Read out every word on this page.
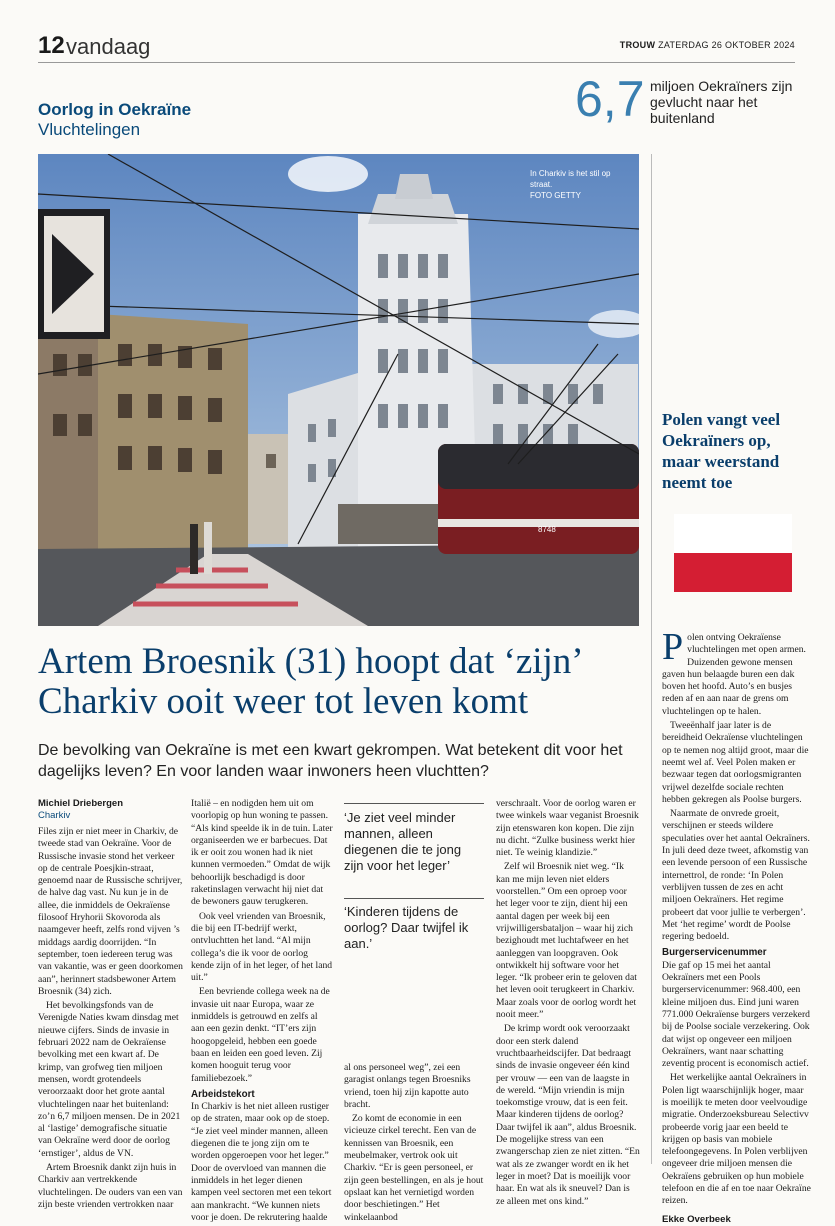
12 vandaag	TROUW ZATERDAG 26 OKTOBER 2024
Oorlog in Oekraïne
Vluchtelingen
6,7 miljoen Oekraïners zijn gevlucht naar het buitenland
8748
In Charkiv is het stil op straat.
FOTO GETTY
Artem Broesnik (31) hoopt dat ‘zijn’ Charkiv ooit weer tot leven komt
De bevolking van Oekraïne is met een kwart gekrompen. Wat betekent dit voor het dagelijks leven? En voor landen waar inwoners heen vluchtten?
Michiel Driebergen
Charkiv

Files zijn er niet meer in Charkiv, de tweede stad van Oekraïne. Voor de Russische invasie stond het verkeer op de centrale Poesjkin-straat, genoemd naar de Russische schrijver, de halve dag vast. Nu kun je in de allee, die inmiddels de Oekraïense filosoof Hryhorii Skovoroda als naamgever heeft, zelfs rond vijven ’s middags aardig doorrijden. “In september, toen iedereen terug was van vakantie, was er geen doorkomen aan”, herinnert stadsbewoner Artem Broesnik (34) zich.

Het bevolkingsfonds van de Verenigde Naties kwam dinsdag met nieuwe cijfers. Sinds de invasie in februari 2022 nam de Oekraïense bevolking met een kwart af. De krimp, van grofweg tien miljoen mensen, wordt grotendeels veroorzaakt door het grote aantal vluchtelingen naar het buitenland: zo’n 6,7 miljoen mensen. De in 2021 al ‘lastige’ demografische situatie van Oekraïne werd door de oorlog ‘ernstiger’, aldus de VN.

Artem Broesnik dankt zijn huis in Charkiv aan vertrekkende vluchtelingen. De ouders van een van zijn beste vrienden vertrokken naar

Italië – en nodigden hem uit om voorlopig op hun woning te passen. “Als kind speelde ik in de tuin. Later organiseerden we er barbecues. Dat ik er ooit zou wonen had ik niet kunnen vermoeden.” Omdat de wijk behoorlijk beschadigd is door raketinslagen verwacht hij niet dat de bewoners gauw terugkeren.

Ook veel vrienden van Broesnik, die bij een IT-bedrijf werkt, ontvluchtten het land. “Al mijn collega’s die ik voor de oorlog kende zijn of in het leger, of het land uit.”

Een bevriende collega week na de invasie uit naar Europa, waar ze inmiddels is getrouwd en zelfs al aan een gezin denkt. “IT’ers zijn hoogopgeleid, hebben een goede baan en leiden een goed leven. Zij komen hooguit terug voor familiebezoek.”

Arbeidstekort

In Charkiv is het niet alleen rustiger op de straten, maar ook op de stoep. “Je ziet veel minder mannen, alleen diegenen die te jong zijn om te worden opgeroepen voor het leger.” Door de overvloed van mannen die inmiddels in het leger dienen kampen veel sectoren met een tekort aan mankracht. “We kunnen niets voor je doen. De rekrutering haalde

‘Je ziet veel minder mannen, alleen diegenen die te jong zijn voor het leger’
‘Kinderen tijdens de oorlog? Daar twijfel ik aan.’

al ons personeel weg”, zei een garagist onlangs tegen Broesniks vriend, toen hij zijn kapotte auto bracht.

Zo komt de economie in een vicieuze cirkel terecht. Een van de kennissen van Broesnik, een meubelmaker, vertrok ook uit Charkiv. “Er is geen personeel, er zijn geen bestellingen, en als je hout opslaat kan het vernietigd worden door beschietingen.” Het winkelaanbod

verschraalt. Voor de oorlog waren er twee winkels waar veganist Broesnik zijn etenswaren kon kopen. Die zijn nu dicht. “Zulke business werkt hier niet. Te weinig klandizie.”

Zelf wil Broesnik niet weg. “Ik kan me mijn leven niet elders voorstellen.” Om een oproep voor het leger voor te zijn, dient hij een aantal dagen per week bij een vrijwilligersbataljon – waar hij zich bezighoudt met luchtafweer en het aanleggen van loopgraven. Ook ontwikkelt hij software voor het leger. “Ik probeer erin te geloven dat het leven ooit terugkeert in Charkiv. Maar zoals voor de oorlog wordt het nooit meer.”

De krimp wordt ook veroorzaakt door een sterk dalend vruchtbaarheidscijfer. Dat bedraagt sinds de invasie ongeveer één kind per vrouw — een van de laagste in de wereld. “Mijn vriendin is mijn toekomstige vrouw, dat is een feit. Maar kinderen tijdens de oorlog? Daar twijfel ik aan”, aldus Broesnik. De mogelijke stress van een zwangerschap zien ze niet zitten. “En wat als ze zwanger wordt en ik het leger in moet? Dat is moeilijk voor haar. En wat als ik sneuvel? Dan is ze alleen met ons kind.”

Polen vangt veel Oekraïners op, maar weerstand neemt toe

Polen ontving Oekraïense vluchtelingen met open armen. Duizenden gewone mensen gaven hun belaagde buren een dak boven het hoofd. Auto’s en busjes reden af en aan naar de grens om vluchtelingen op te halen.

Tweeënhalf jaar later is de bereidheid Oekraïense vluchtelingen op te nemen nog altijd groot, maar die neemt wel af. Veel Polen maken er bezwaar tegen dat oorlogsmigranten vrijwel dezelfde sociale rechten hebben gekregen als Poolse burgers.

Naarmate de onvrede groeit, verschijnen er steeds wildere speculaties over het aantal Oekraïners. In juli deed deze tweet, afkomstig van een levende persoon of een Russische internettrol, de ronde: ‘In Polen verblijven tussen de zes en acht miljoen Oekraïners. Het regime probeert dat voor jullie te verbergen’. Met ‘het regime’ wordt de Poolse regering bedoeld.

Burgerservicenummer

Die gaf op 15 mei het aantal Oekraïners met een Pools burgerservicenummer: 968.400, een kleine miljoen dus. Eind juni waren 771.000 Oekraïense burgers verzekerd bij de Poolse sociale verzekering. Ook dat wijst op ongeveer een miljoen Oekraïners, want naar schatting zeventig procent is economisch actief.

Het werkelijke aantal Oekraïners in Polen ligt waarschijnlijk hoger, maar is moeilijk te meten door veelvoudige migratie. Onderzoeksbureau Selectivv probeerde vorig jaar een beeld te krijgen op basis van mobiele telefoongegevens. In Polen verblijven ongeveer drie miljoen mensen die Oekraïens gebruiken op hun mobiele telefoon en die af en toe naar Oekraïne reizen.

Ekke Overbeek
